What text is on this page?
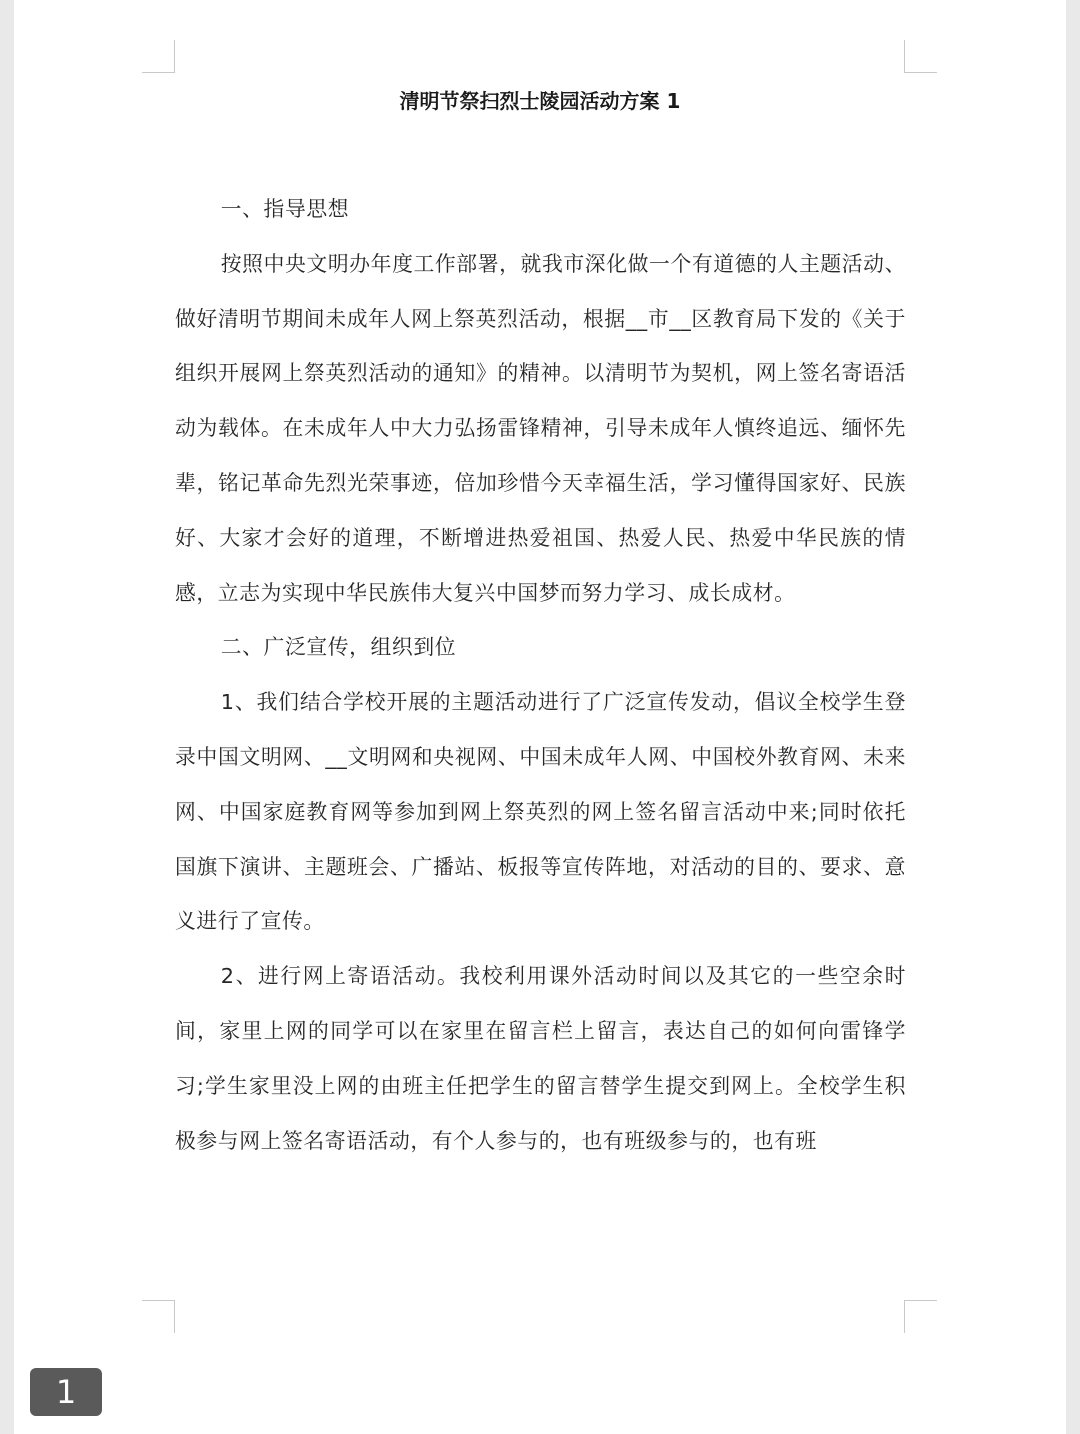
清明节祭扫烈士陵园活动方案 1

一、指导思想

按照中央文明办年度工作部署，就我市深化做一个有道德的人主题活动、做好清明节期间未成年人网上祭英烈活动，根据__市__区教育局下发的《关于组织开展网上祭英烈活动的通知》的精神。以清明节为契机，网上签名寄语活动为载体。在未成年人中大力弘扬雷锋精神，引导未成年人慎终追远、缅怀先辈，铭记革命先烈光荣事迹，倍加珍惜今天幸福生活，学习懂得国家好、民族好、大家才会好的道理，不断增进热爱祖国、热爱人民、热爱中华民族的情感，立志为实现中华民族伟大复兴中国梦而努力学习、成长成材。

二、广泛宣传，组织到位

1、我们结合学校开展的主题活动进行了广泛宣传发动，倡议全校学生登录中国文明网、__文明网和央视网、中国未成年人网、中国校外教育网、未来网、中国家庭教育网等参加到网上祭英烈的网上签名留言活动中来;同时依托国旗下演讲、主题班会、广播站、板报等宣传阵地，对活动的目的、要求、意义进行了宣传。

2、进行网上寄语活动。我校利用课外活动时间以及其它的一些空余时间，家里上网的同学可以在家里在留言栏上留言，表达自己的如何向雷锋学习;学生家里没上网的由班主任把学生的留言替学生提交到网上。全校学生积极参与网上签名寄语活动，有个人参与的，也有班级参与的，也有班

1
